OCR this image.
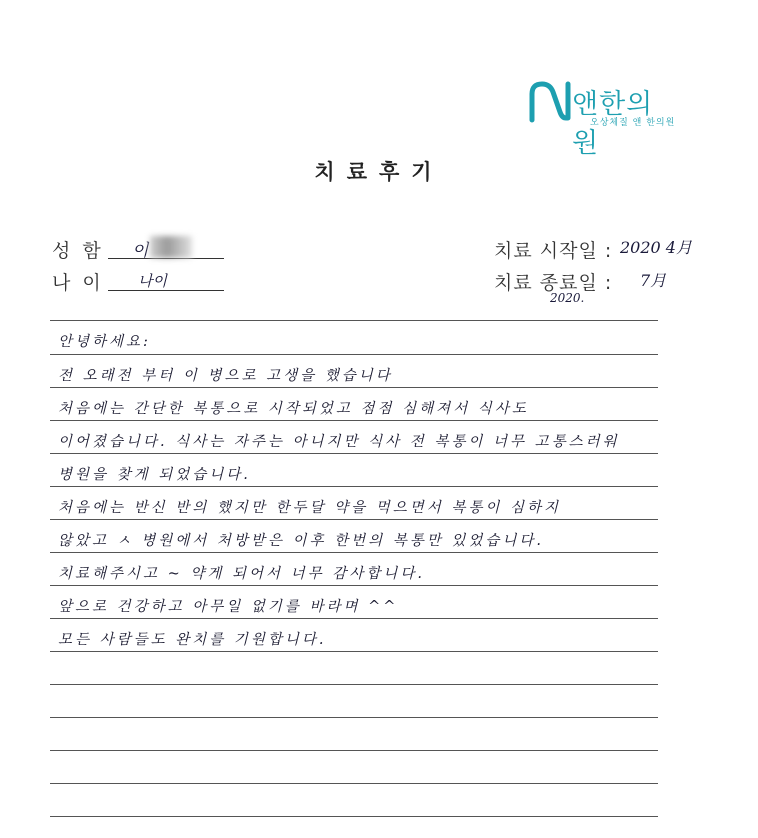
앤한의원
오상체질 앤 한의원
치료후기
성 함 이
나 이 나이
치료 시작일 : 2020 4月
치료 종료일 : 7月
2020.
안녕하세요:
전 오래전 부터 이 병으로 고생을 했습니다
처음에는 간단한 복통으로 시작되었고 점점 심해져서 식사도
이어졌습니다. 식사는 자주는 아니지만 식사 전 복통이 너무 고통스러워
병원을 찾게 되었습니다.
처음에는 반신 반의 했지만 한두달 약을 먹으면서 복통이 심하지
않았고 ㅅ 병원에서 처방받은 이후 한번의 복통만 있었습니다.
치료해주시고 ~ 약게 되어서 너무 감사합니다.
앞으로 건강하고 아무일 없기를 바라며 ^^
모든 사람들도 완치를 기원합니다.
